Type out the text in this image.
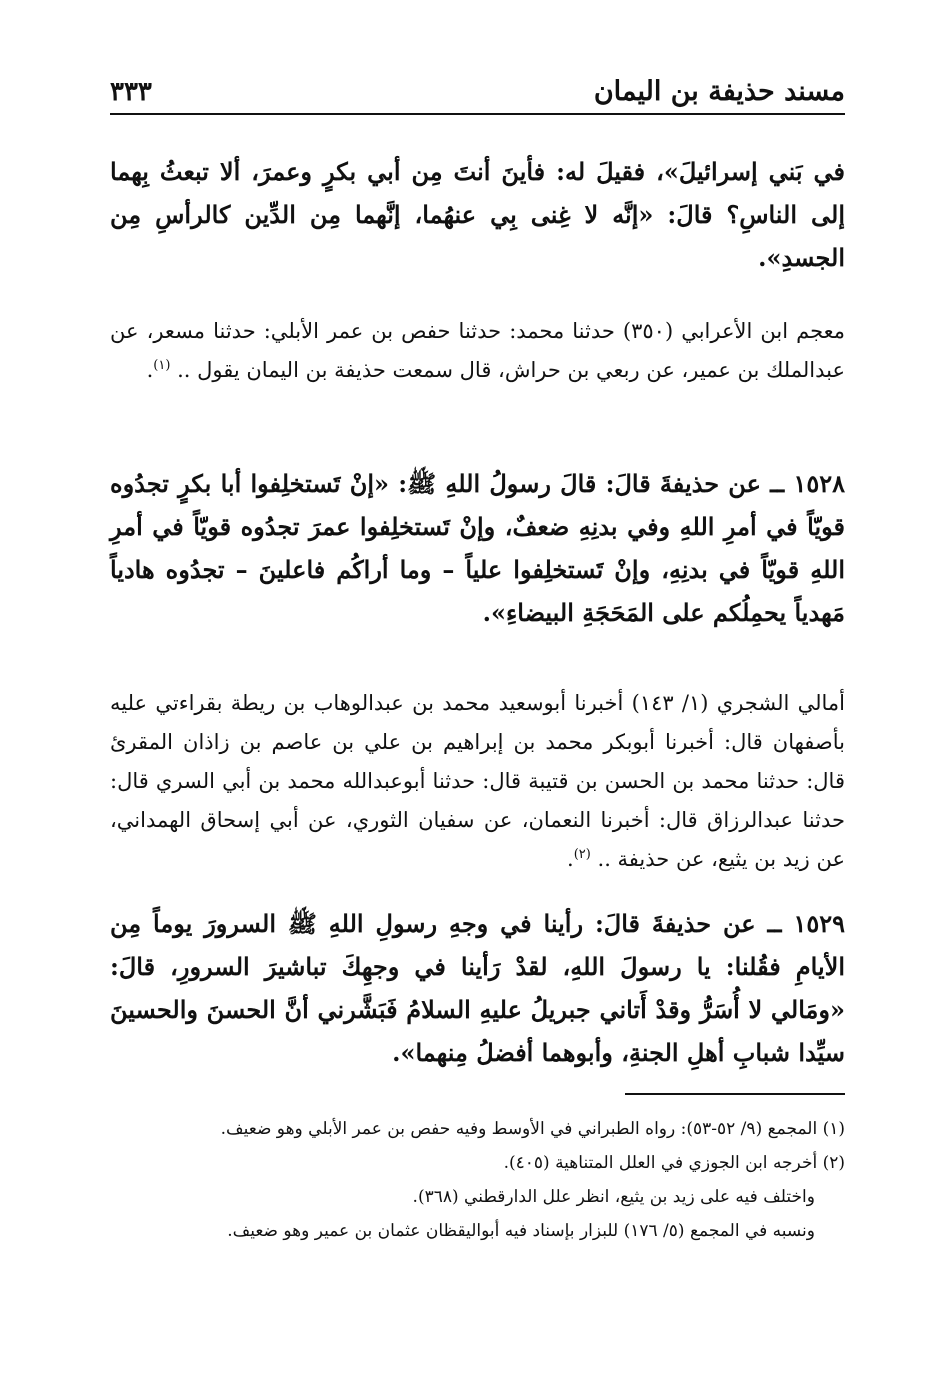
مسند حذيفة بن اليمان
٣٣٣

في بَني إسرائيلَ»، فقيلَ له: فأينَ أنتَ مِن أبي بكرٍ وعمرَ، ألا تبعثُ بِهما إلى الناسِ؟ قالَ: «إنَّه لا غِنى بِي عنهُما، إنَّهما مِن الدِّين كالرأسِ مِن الجسدِ».

معجم ابن الأعرابي (٣٥٠) حدثنا محمد: حدثنا حفص بن عمر الأبلي: حدثنا مسعر، عن عبدالملك بن عمير، عن ربعي بن حراش، قال سمعت حذيفة بن اليمان يقول .. $^{(١)}$.

١٥٢٨ ــ عن حذيفةَ قالَ: قالَ رسولُ اللهِ ﷺ: «إنْ تَستخلِفوا أبا بكرٍ تجدُوه قويّاً في أمرِ اللهِ وفي بدنِهِ ضعفٌ، وإنْ تَستخلِفوا عمرَ تجدُوه قويّاً في أمرِ اللهِ قويّاً في بدنِهِ، وإنْ تَستخلِفوا علياً – وما أراكُم فاعلينَ – تجدُوه هادياً مَهدياً يحمِلُكم على المَحَجَةِ البيضاءِ».

أمالي الشجري (١/ ١٤٣) أخبرنا أبوسعيد محمد بن عبدالوهاب بن ريطة بقراءتي عليه بأصفهان قال: أخبرنا أبوبكر محمد بن إبراهيم بن علي بن عاصم بن زاذان المقرئ قال: حدثنا محمد بن الحسن بن قتيبة قال: حدثنا أبوعبدالله محمد بن أبي السري قال: حدثنا عبدالرزاق قال: أخبرنا النعمان، عن سفيان الثوري، عن أبي إسحاق الهمداني، عن زيد بن يثيع، عن حذيفة .. $^{(٢)}$.

١٥٢٩ ــ عن حذيفةَ قالَ: رأينا في وجهِ رسولِ اللهِ ﷺ السرورَ يوماً مِن الأيامِ فقُلنا: يا رسولَ اللهِ، لقدْ رَأينا في وجهِكَ تباشيرَ السرورِ، قالَ: «ومَالي لا أُسَرُّ وقدْ أَتاني جبريلُ عليهِ السلامُ فَبَشَّرني أنَّ الحسنَ والحسينَ سيِّدا شبابِ أهلِ الجنةِ، وأبوهما أفضلُ مِنهما».

(١) المجمع (٩/ ٥٢-٥٣): رواه الطبراني في الأوسط وفيه حفص بن عمر الأبلي وهو ضعيف.
(٢) أخرجه ابن الجوزي في العلل المتناهية (٤٠٥).
واختلف فيه على زيد بن يثيع، انظر علل الدارقطني (٣٦٨).
ونسبه في المجمع (٥/ ١٧٦) للبزار بإسناد فيه أبواليقظان عثمان بن عمير وهو ضعيف.
